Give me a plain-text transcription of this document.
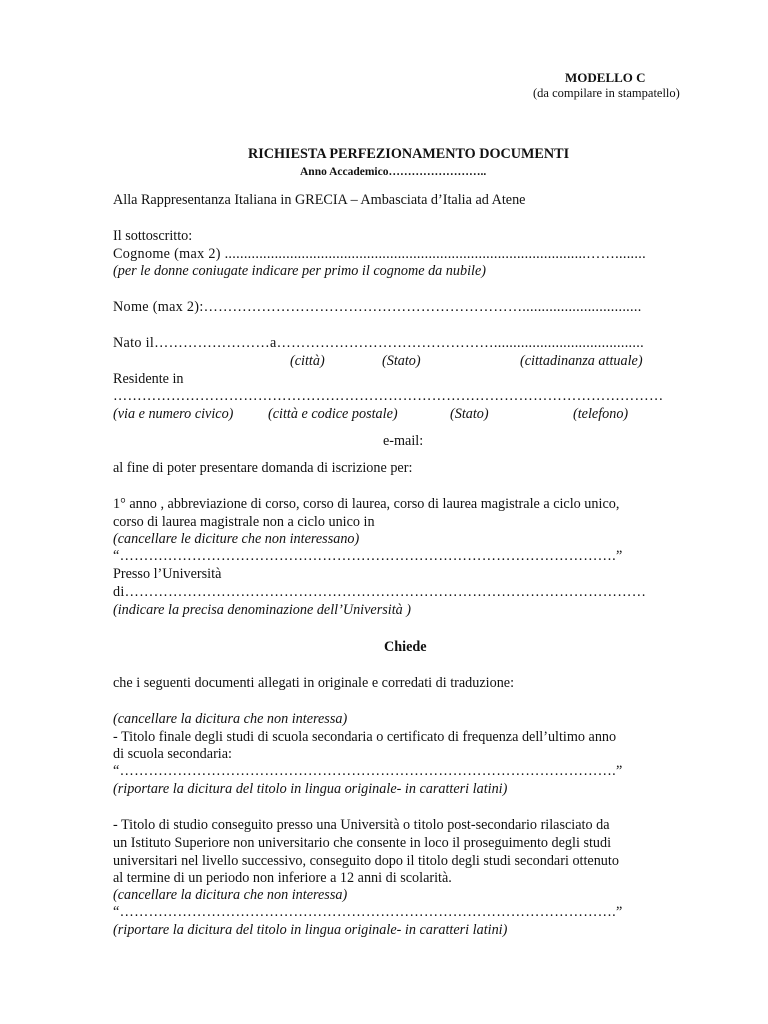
MODELLO C
(da compilare in stampatello)
RICHIESTA PERFEZIONAMENTO DOCUMENTI
Anno Accademico……………………..
Alla Rappresentanza Italiana in GRECIA – Ambasciata d’Italia ad Atene
Il sottoscritto:
Cognome (max 2) ..............................................................................................……........
(per le donne coniugate indicare per primo il cognome da nubile)
Nome (max 2):…………………………………………………………...............................
Nato il……………………a……………………………………….......................................
(città)	(Stato)	(cittadinanza attuale)
Residente in
……………………………………………………………………………………………………
(via e numero civico) (città e codice postale)	(Stato)	(telefono)
e-mail:
al fine di poter presentare domanda di iscrizione per:
1° anno , abbreviazione di corso, corso di laurea, corso di laurea magistrale a ciclo unico,
corso di laurea magistrale non a ciclo unico in
(cancellare le diciture che non interessano)
“………………………………………………………………………………………….”
Presso l’Università
di………………………………………………………………………………………………
(indicare la precisa denominazione dell’Università )
Chiede
che i seguenti documenti allegati in originale e corredati di traduzione:
(cancellare la dicitura che non interessa)
- Titolo finale degli studi di scuola secondaria o certificato di frequenza dell’ultimo anno
di scuola secondaria:
“………………………………………………………………………………………….”
(riportare la dicitura del titolo in lingua originale- in caratteri latini)
- Titolo di studio conseguito presso una Università o titolo post-secondario rilasciato da
un Istituto Superiore non universitario che consente in loco il proseguimento degli studi
universitari nel livello successivo, conseguito dopo il titolo degli studi secondari ottenuto
al termine di un periodo non inferiore a 12 anni di scolarità.
(cancellare la dicitura che non interessa)
“………………………………………………………………………………………….”
(riportare la dicitura del titolo in lingua originale- in caratteri latini)
